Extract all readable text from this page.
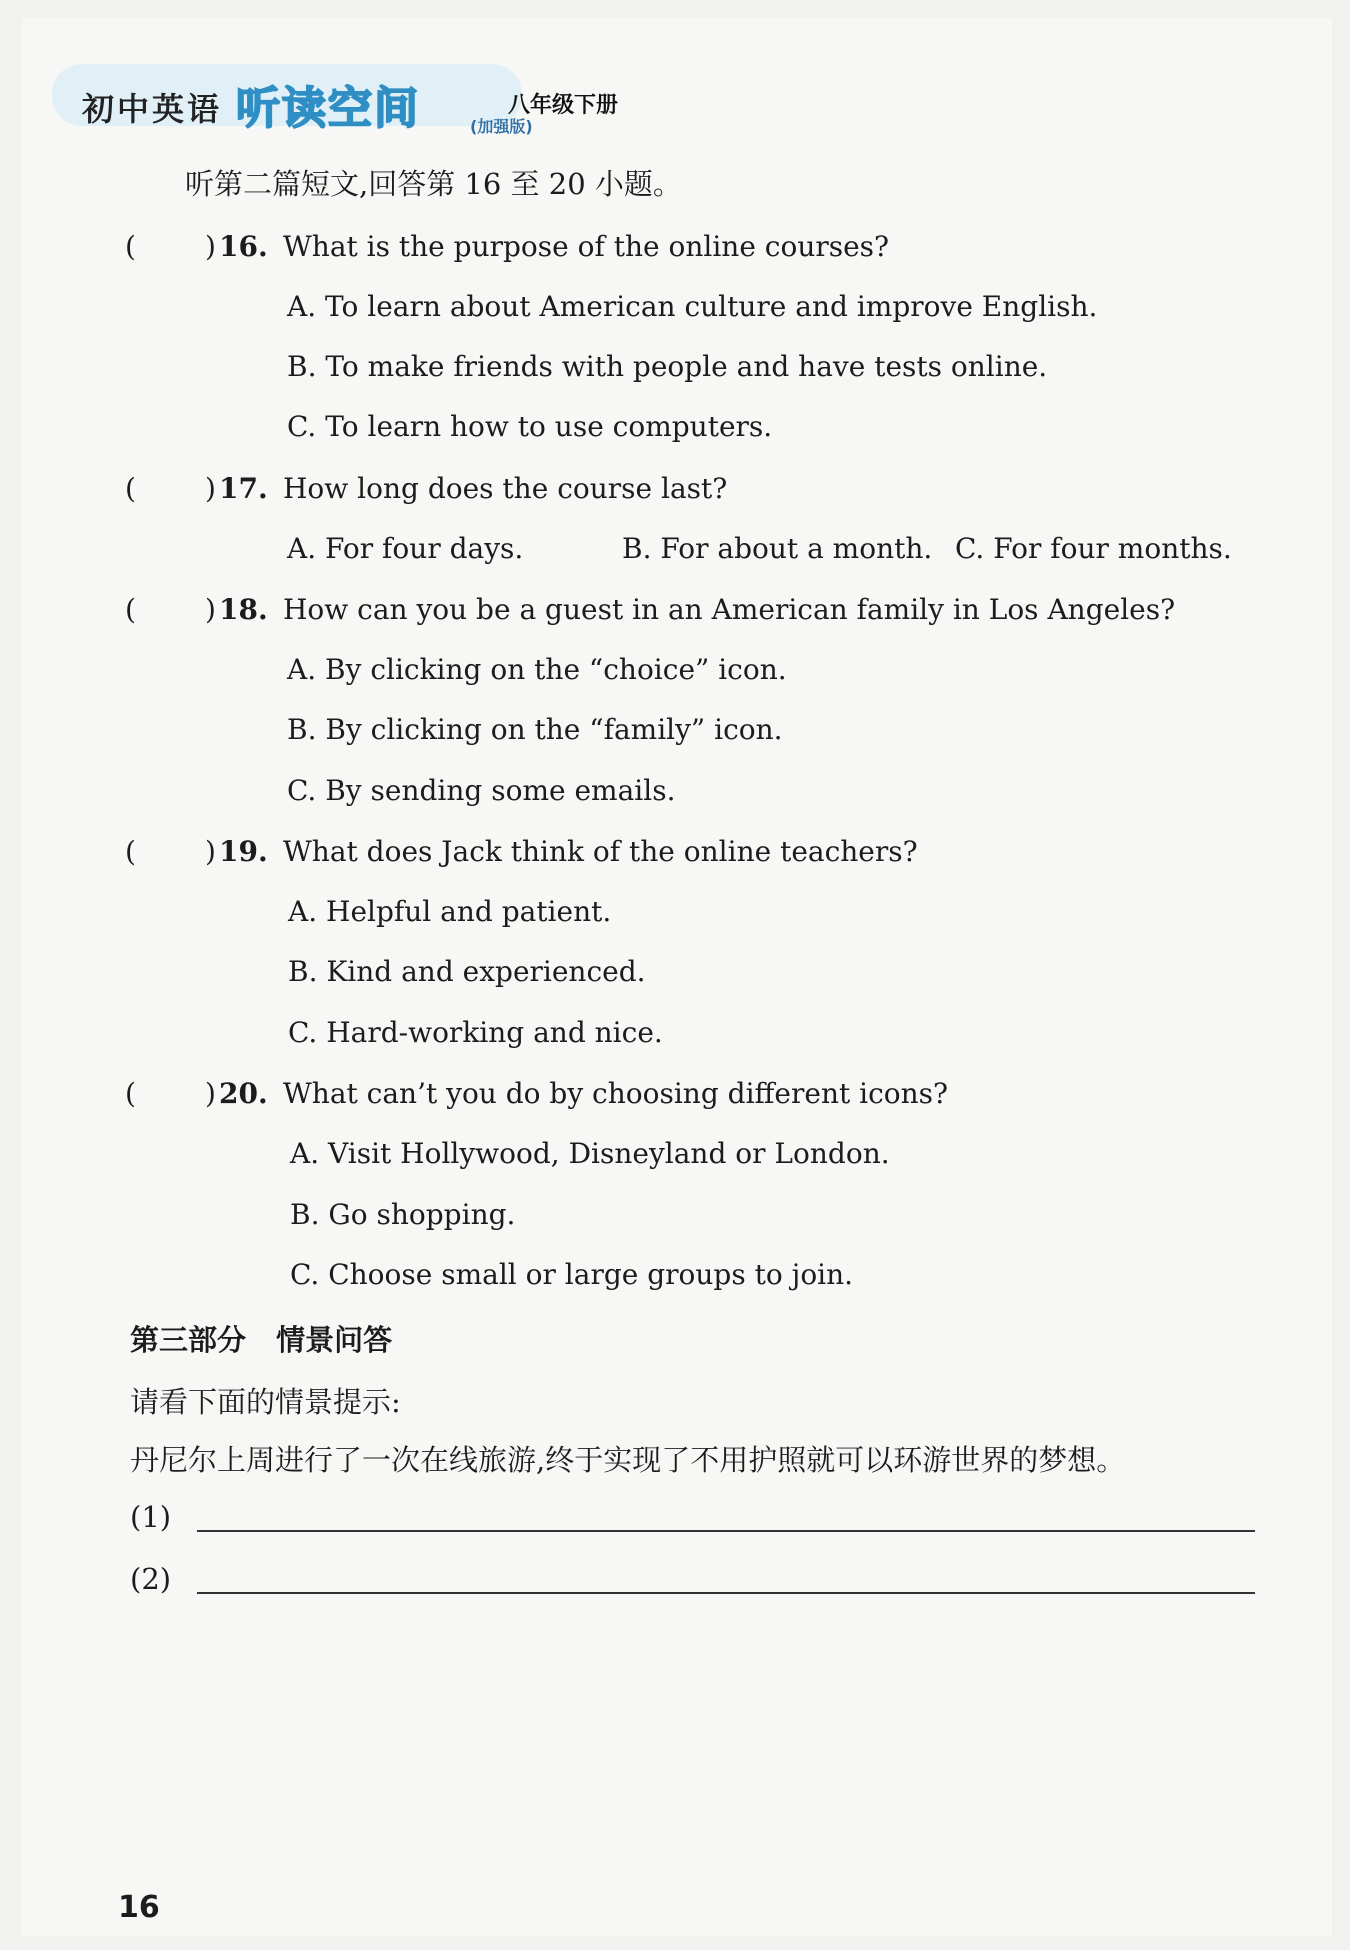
初中英语 听读空间	(加强版)
八年级下册
听第二篇短文,回答第 16 至 20 小题。
( ) 16. What is the purpose of the online courses?
A. To learn about American culture and improve English.
B. To make friends with people and have tests online.
C. To learn how to use computers.
( ) 17. How long does the course last?
A. For four days.	B. For about a month. C. For four months.
( ) 18. How can you be a guest in an American family in Los Angeles?
A. By clicking on the “choice” icon.
B. By clicking on the “family” icon.
C. By sending some emails.
( ) 19. What does Jack think of the online teachers?
A. Helpful and patient.
B. Kind and experienced.
C. Hard-working and nice.
( ) 20. What can’t you do by choosing different icons?
A. Visit Hollywood, Disneyland or London.
B. Go shopping.
C. Choose small or large groups to join.
第三部分 情景问答
请看下面的情景提示:
丹尼尔上周进行了一次在线旅游,终于实现了不用护照就可以环游世界的梦想。
(1)
(2)
16
